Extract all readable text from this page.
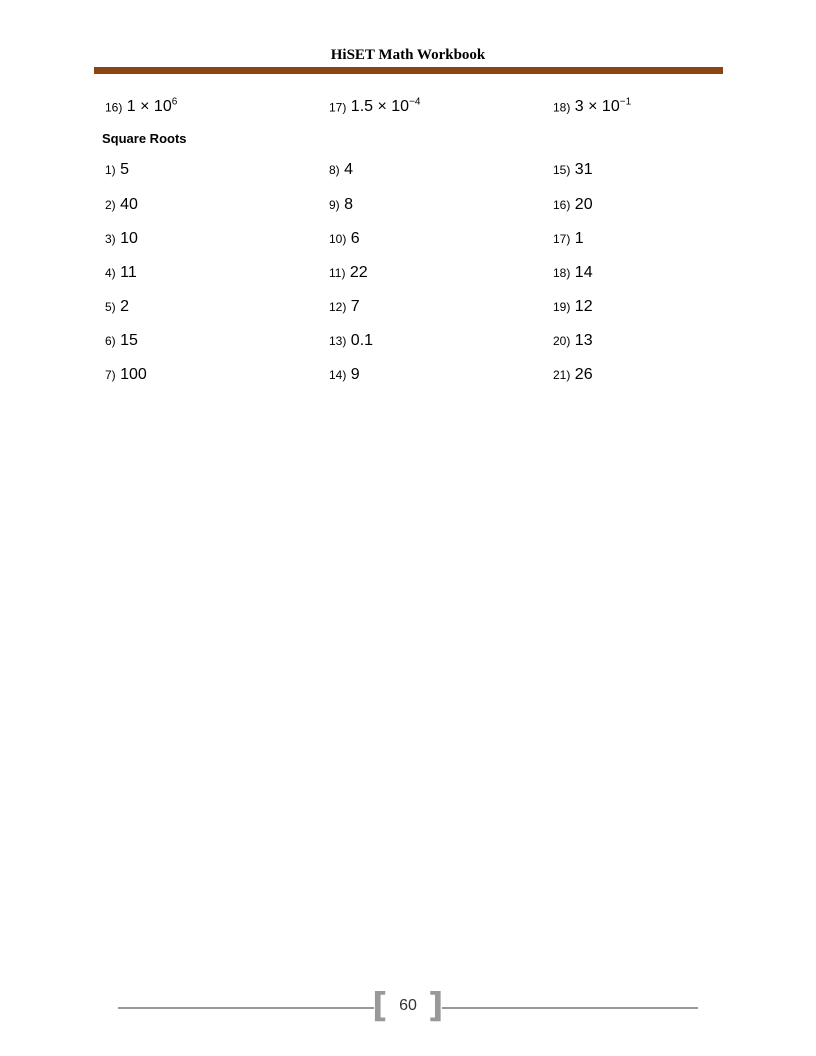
HiSET Math Workbook
16) $1 \times 10^6$	17) $1.5 \times 10^{-4}$	18) $3 \times 10^{-1}$
Square Roots
1) 5	8) 4	15) 31
2) 40	9) 8	16) 20
3) 10	10) 6	17) 1
4) 11	11) 22	18) 14
5) 2	12) 7	19) 12
6) 15	13) 0.1	20) 13
7) 100	14) 9	21) 26
[ ]
60
